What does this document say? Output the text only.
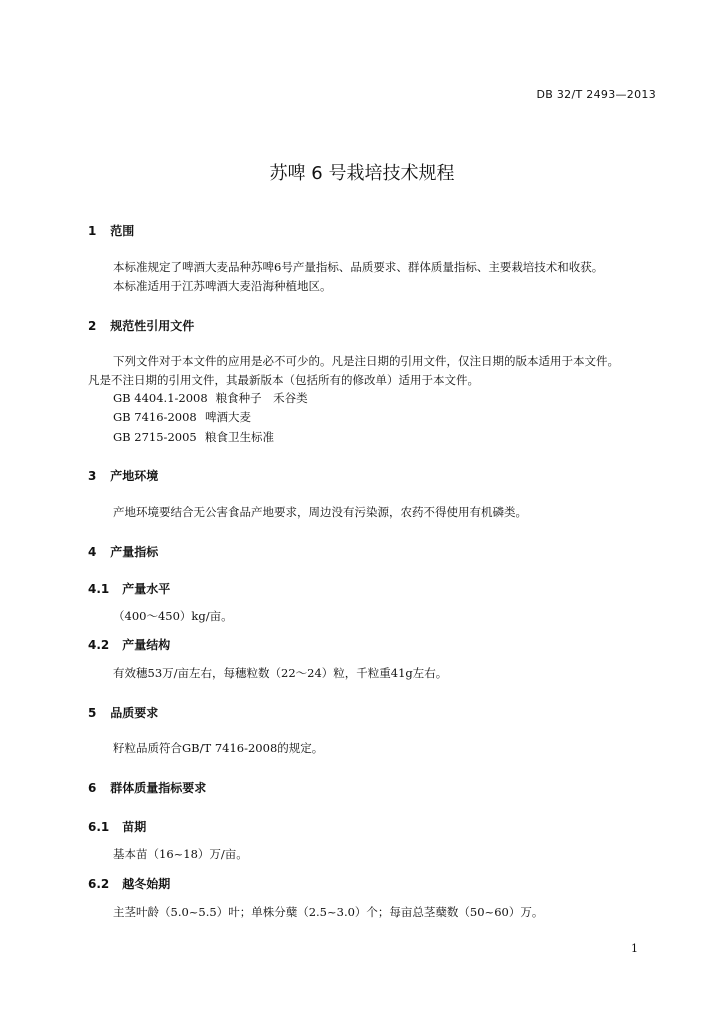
DB 32/T 2493—2013
苏啤 6 号栽培技术规程
1 范围
本标准规定了啤酒大麦品种苏啤6号产量指标、品质要求、群体质量指标、主要栽培技术和收获。
本标准适用于江苏啤酒大麦沿海种植地区。
2 规范性引用文件
下列文件对于本文件的应用是必不可少的。凡是注日期的引用文件，仅注日期的版本适用于本文件。
凡是不注日期的引用文件，其最新版本（包括所有的修改单）适用于本文件。
GB 4404.1-2008 粮食种子　禾谷类
GB 7416-2008 啤酒大麦
GB 2715-2005 粮食卫生标准
3 产地环境
产地环境要结合无公害食品产地要求，周边没有污染源，农药不得使用有机磷类。
4 产量指标
4.1 产量水平
（400～450）kg/亩。
4.2 产量结构
有效穗53万/亩左右，每穗粒数（22～24）粒，千粒重41g左右。
5 品质要求
籽粒品质符合GB/T 7416-2008的规定。
6 群体质量指标要求
6.1 苗期
基本苗（16~18）万/亩。
6.2 越冬始期
主茎叶龄（5.0~5.5）叶；单株分蘖（2.5~3.0）个；每亩总茎蘖数（50~60）万。
1
